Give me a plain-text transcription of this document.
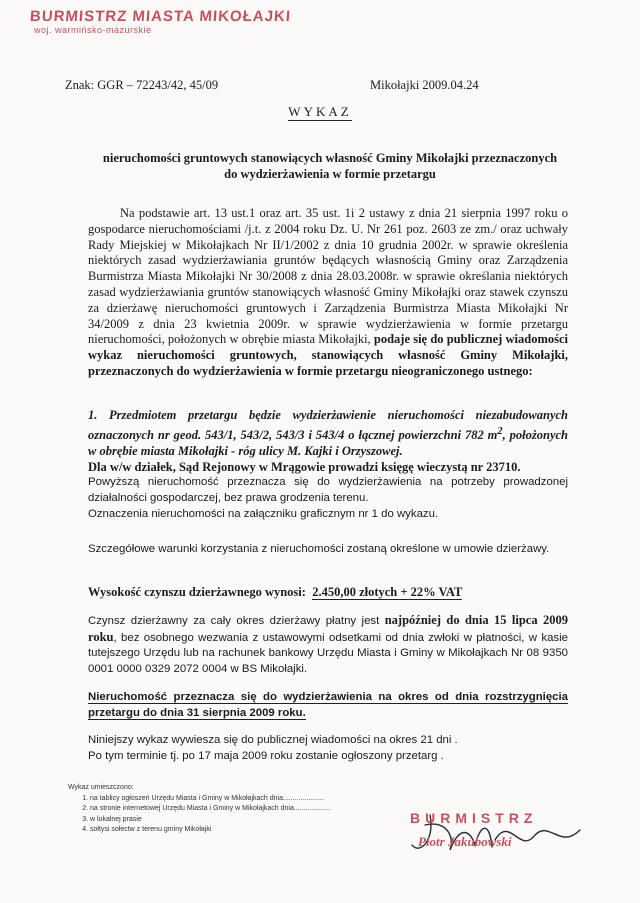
BURMISTRZ MIASTA MIKOŁAJKI
woj. warmińsko-mazurskie
Znak: GGR – 72243/42, 45/09	Mikołajki 2009.04.24
WYKAZ
nieruchomości gruntowych stanowiących własność Gminy Mikołajki przeznaczonych
do wydzierżawienia w formie przetargu

Na podstawie art. 13 ust.1 oraz art. 35 ust. 1i 2 ustawy z dnia 21 sierpnia 1997 roku o gospodarce nieruchomościami /j.t. z 2004 roku Dz. U. Nr 261 poz. 2603 ze zm./ oraz uchwały Rady Miejskiej w Mikołajkach Nr II/1/2002 z dnia 10 grudnia 2002r. w sprawie określenia niektórych zasad wydzierżawiania gruntów będących własnością Gminy oraz Zarządzenia Burmistrza Miasta Mikołajki Nr 30/2008 z dnia 28.03.2008r. w sprawie określania niektórych zasad wydzierżawiania gruntów stanowiących własność Gminy Mikołajki oraz stawek czynszu za dzierżawę nieruchomości gruntowych i Zarządzenia Burmistrza Miasta Mikołajki Nr 34/2009 z dnia 23 kwietnia 2009r. w sprawie wydzierżawienia w formie przetargu nieruchomości, położonych w obrębie miasta Mikołajki, podaje się do publicznej wiadomości wykaz nieruchomości gruntowych, stanowiących własność Gminy Mikołajki, przeznaczonych do wydzierżawienia w formie przetargu nieograniczonego ustnego:

1. Przedmiotem przetargu będzie wydzierżawienie nieruchomości niezabudowanych oznaczonych nr geod. 543/1, 543/2, 543/3 i 543/4 o łącznej powierzchni 782 $m^2$, położonych w obrębie miasta Mikołajki - róg ulicy M. Kajki i Orzyszowej.

Dla w/w działek, Sąd Rejonowy w Mrągowie prowadzi księgę wieczystą nr 23710.

Powyższą nieruchomość przeznacza się do wydzierżawienia na potrzeby prowadzonej działalności gospodarczej, bez prawa grodzenia terenu.

Oznaczenia nieruchomości na załączniku graficznym nr 1 do wykazu.

Szczegółowe warunki korzystania z nieruchomości zostaną określone w umowie dzierżawy.

Wysokość czynszu dzierżawnego wynosi: 2.450,00 złotych + 22% VAT

Czynsz dzierżawny za cały okres dzierżawy płatny jest najpóźniej do dnia 15 lipca 2009 roku, bez osobnego wezwania z ustawowymi odsetkami od dnia zwłoki w płatności, w kasie tutejszego Urzędu lub na rachunek bankowy Urzędu Miasta i Gminy w Mikołajkach Nr 08 9350 0001 0000 0329 2072 0004 w BS Mikołajki.

Nieruchomość przeznacza się do wydzierżawienia na okres od dnia rozstrzygnięcia przetargu do dnia 31 sierpnia 2009 roku.

Niniejszy wykaz wywiesza się do publicznej wiadomości na okres 21 dni .
Po tym terminie tj. po 17 maja 2009 roku zostanie ogłoszony przetarg .
Wykaz umieszczono:
1. na tablicy ogłoszeń Urzędu Miasta i Gminy w Mikołajkach dnia.....................
2. na stronie internetowej Urzędu Miasta i Gminy w Mikołajkach dnia...................
3. w lokalnej prasie
4. sołtysi sołectw z terenu gminy Mikołajki
BURMISTRZ
Piotr Jakubowski
